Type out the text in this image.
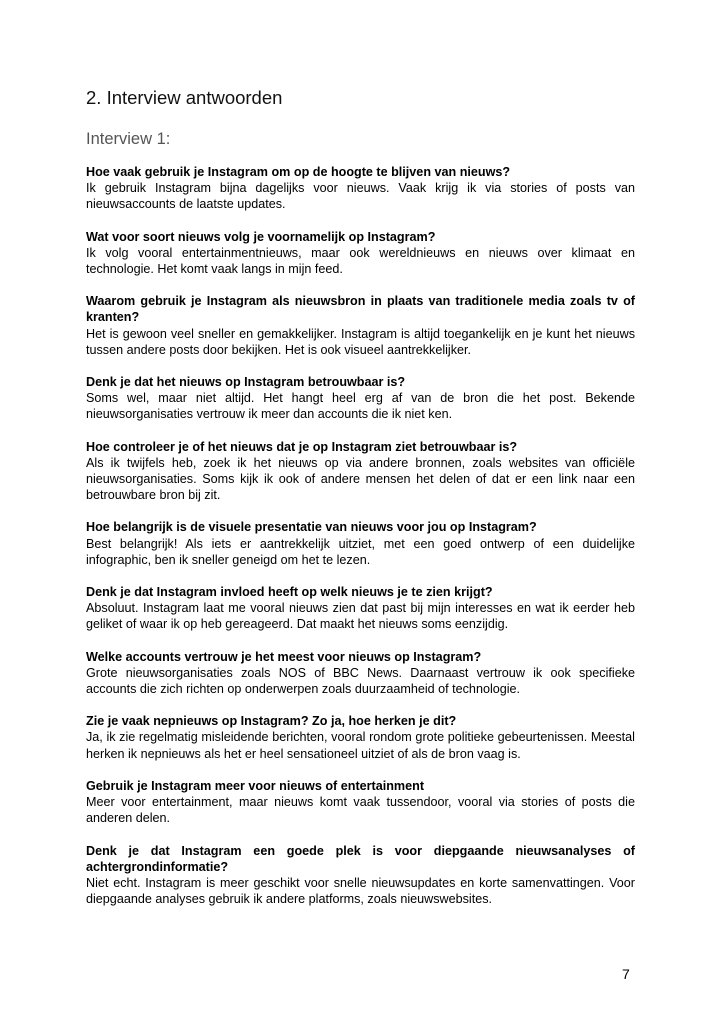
2. Interview antwoorden
Interview 1:

Hoe vaak gebruik je Instagram om op de hoogte te blijven van nieuws?

Ik gebruik Instagram bijna dagelijks voor nieuws. Vaak krijg ik via stories of posts van nieuwsaccounts de laatste updates.

Wat voor soort nieuws volg je voornamelijk op Instagram?

Ik volg vooral entertainmentnieuws, maar ook wereldnieuws en nieuws over klimaat en technologie. Het komt vaak langs in mijn feed.

Waarom gebruik je Instagram als nieuwsbron in plaats van traditionele media zoals tv of kranten?

Het is gewoon veel sneller en gemakkelijker. Instagram is altijd toegankelijk en je kunt het nieuws tussen andere posts door bekijken. Het is ook visueel aantrekkelijker.

Denk je dat het nieuws op Instagram betrouwbaar is?

Soms wel, maar niet altijd. Het hangt heel erg af van de bron die het post. Bekende nieuwsorganisaties vertrouw ik meer dan accounts die ik niet ken.

Hoe controleer je of het nieuws dat je op Instagram ziet betrouwbaar is?

Als ik twijfels heb, zoek ik het nieuws op via andere bronnen, zoals websites van officiële nieuwsorganisaties. Soms kijk ik ook of andere mensen het delen of dat er een link naar een betrouwbare bron bij zit.

Hoe belangrijk is de visuele presentatie van nieuws voor jou op Instagram?

Best belangrijk! Als iets er aantrekkelijk uitziet, met een goed ontwerp of een duidelijke infographic, ben ik sneller geneigd om het te lezen.

Denk je dat Instagram invloed heeft op welk nieuws je te zien krijgt?

Absoluut. Instagram laat me vooral nieuws zien dat past bij mijn interesses en wat ik eerder heb geliket of waar ik op heb gereageerd. Dat maakt het nieuws soms eenzijdig.

Welke accounts vertrouw je het meest voor nieuws op Instagram?

Grote nieuwsorganisaties zoals NOS of BBC News. Daarnaast vertrouw ik ook specifieke accounts die zich richten op onderwerpen zoals duurzaamheid of technologie.

Zie je vaak nepnieuws op Instagram? Zo ja, hoe herken je dit?

Ja, ik zie regelmatig misleidende berichten, vooral rondom grote politieke gebeurtenissen. Meestal herken ik nepnieuws als het er heel sensationeel uitziet of als de bron vaag is.

Gebruik je Instagram meer voor nieuws of entertainment

Meer voor entertainment, maar nieuws komt vaak tussendoor, vooral via stories of posts die anderen delen.

Denk je dat Instagram een goede plek is voor diepgaande nieuwsanalyses of achtergrondinformatie?

Niet echt. Instagram is meer geschikt voor snelle nieuwsupdates en korte samenvattingen. Voor diepgaande analyses gebruik ik andere platforms, zoals nieuwswebsites.

7
